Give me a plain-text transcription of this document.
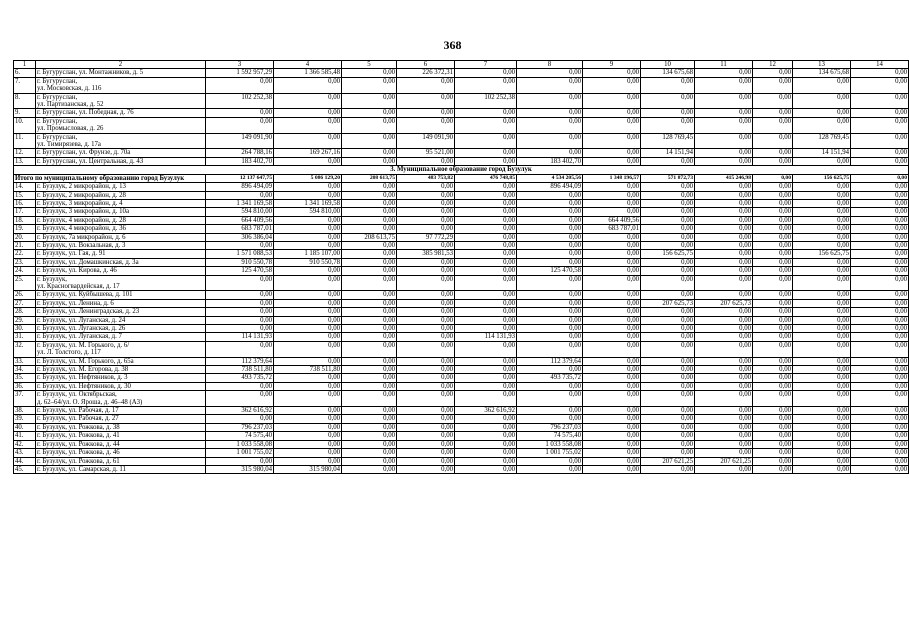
368
1	2	3	4	5	6	7	8	9	10	11	12	13	14
6.	г. Бугуруслан, ул. Монтажников, д. 5	1 592 957,29	1 366 585,48	0,00	226 372,31	0,00	0,00	0,00	134 675,68	0,00	0,00	134 675,68	0,00
7.	г. Бугуруслан,
ул. Московская, д. 116	0,00	0,00	0,00	0,00	0,00	0,00	0,00	0,00	0,00	0,00	0,00	0,00
8.	г. Бугуруслан,
ул. Партизанская, д. 52	102 252,38	0,00	0,00	0,00	102 252,38	0,00	0,00	0,00	0,00	0,00	0,00	0,00
9.	г. Бугуруслан, ул. Победная, д. 76	0,00	0,00	0,00	0,00	0,00	0,00	0,00	0,00	0,00	0,00	0,00	0,00
10.	г. Бугуруслан,
ул. Промысловая, д. 26	0,00	0,00	0,00	0,00	0,00	0,00	0,00	0,00	0,00	0,00	0,00	0,00
11.	г. Бугуруслан,
ул. Тимирязева, д. 17а	149 091,90	0,00	0,00	149 091,90	0,00	0,00	0,00	128 769,45	0,00	0,00	128 769,45	0,00
12.	г. Бугуруслан, ул. Фрунзе, д. 70а	264 788,16	169 267,16	0,00	95 521,00	0,00	0,00	0,00	14 151,94	0,00	0,00	14 151,94	0,00
13.	г. Бугуруслан, ул. Центральная, д. 43	183 402,70	0,00	0,00	0,00	0,00	183 402,70	0,00	0,00	0,00	0,00	0,00	0,00
3. Муниципальное образование город Бузулук													
Итого по муниципальному образованию город Бузулук		12 137 647,75	5 086 129,20	208 613,75	483 753,82	476 748,85	4 534 205,56	1 348 196,57	571 872,73	415 246,98	0,00	156 625,75	0,00
14.	г. Бузулук, 2 микрорайон, д. 13	896 494,09	0,00	0,00	0,00	0,00	896 494,09	0,00	0,00	0,00	0,00	0,00	0,00
15.	г. Бузулук, 2 микрорайон, д. 28	0,00	0,00	0,00	0,00	0,00	0,00	0,00	0,00	0,00	0,00	0,00	0,00
16.	г. Бузулук, 3 микрорайон, д. 4	1 341 169,58	1 341 169,58	0,00	0,00	0,00	0,00	0,00	0,00	0,00	0,00	0,00	0,00
17.	г. Бузулук, 3 микрорайон, д. 10а	594 810,00	594 810,00	0,00	0,00	0,00	0,00	0,00	0,00	0,00	0,00	0,00	0,00
18.	г. Бузулук, 4 микрорайон, д. 28	664 409,56	0,00	0,00	0,00	0,00	0,00	664 409,56	0,00	0,00	0,00	0,00	0,00
19.	г. Бузулук, 4 микрорайон, д. 36	683 787,01	0,00	0,00	0,00	0,00	0,00	683 787,01	0,00	0,00	0,00	0,00	0,00
20.	г. Бузулук, 7а микрорайон, д. 6	306 386,04	0,00	208 613,75	97 772,29	0,00	0,00	0,00	0,00	0,00	0,00	0,00	0,00
21.	г. Бузулук, ул. Вокзальная, д. 3	0,00	0,00	0,00	0,00	0,00	0,00	0,00	0,00	0,00	0,00	0,00	0,00
22.	г. Бузулук, ул. Гая, д. 91	1 571 088,53	1 185 107,00	0,00	385 981,53	0,00	0,00	0,00	156 625,75	0,00	0,00	156 625,75	0,00
23.	г. Бузулук, ул. Домашкинская, д. 3а	910 550,78	910 550,78	0,00	0,00	0,00	0,00	0,00	0,00	0,00	0,00	0,00	0,00
24.	г. Бузулук, ул. Кирова, д. 46	125 470,58	0,00	0,00	0,00	0,00	125 470,58	0,00	0,00	0,00	0,00	0,00	0,00
25.	г. Бузулук,
ул. Красногвардейская, д. 17	0,00	0,00	0,00	0,00	0,00	0,00	0,00	0,00	0,00	0,00	0,00	0,00
26.	г. Бузулук, ул. Куйбышева, д. 101	0,00	0,00	0,00	0,00	0,00	0,00	0,00	0,00	0,00	0,00	0,00	0,00
27.	г. Бузулук, ул. Ленина, д. 6	0,00	0,00	0,00	0,00	0,00	0,00	0,00	207 625,73	207 625,73	0,00	0,00	0,00
28.	г. Бузулук, ул. Ленинградская, д. 23	0,00	0,00	0,00	0,00	0,00	0,00	0,00	0,00	0,00	0,00	0,00	0,00
29.	г. Бузулук, ул. Луганская, д. 24	0,00	0,00	0,00	0,00	0,00	0,00	0,00	0,00	0,00	0,00	0,00	0,00
30.	г. Бузулук, ул. Луганская, д. 26	0,00	0,00	0,00	0,00	0,00	0,00	0,00	0,00	0,00	0,00	0,00	0,00
31.	г. Бузулук, ул. Луганская, д. 7	114 131,93	0,00	0,00	0,00	114 131,93	0,00	0,00	0,00	0,00	0,00	0,00	0,00
32.	г. Бузулук, ул. М. Горького, д. 6/
ул. Л. Толстого, д. 117	0,00	0,00	0,00	0,00	0,00	0,00	0,00	0,00	0,00	0,00	0,00	0,00
33.	г. Бузулук, ул. М. Горького, д. 65а	112 379,64	0,00	0,00	0,00	0,00	112 379,64	0,00	0,00	0,00	0,00	0,00	0,00
34.	г. Бузулук, ул. М. Егорова, д. 38	738 511,80	738 511,80	0,00	0,00	0,00	0,00	0,00	0,00	0,00	0,00	0,00	0,00
35.	г. Бузулук, ул. Нефтяников, д. 3	493 735,72	0,00	0,00	0,00	0,00	493 735,72	0,00	0,00	0,00	0,00	0,00	0,00
36.	г. Бузулук, ул. Нефтяников, д. 30	0,00	0,00	0,00	0,00	0,00	0,00	0,00	0,00	0,00	0,00	0,00	0,00
37.	г. Бузулук, ул. Октябрьская,
д. 62–64/ул. О. Яроша, д. 46–48 (А3)	0,00	0,00	0,00	0,00	0,00	0,00	0,00	0,00	0,00	0,00	0,00	0,00
38.	г. Бузулук, ул. Рабочая, д. 17	362 616,92	0,00	0,00	0,00	362 616,92	0,00	0,00	0,00	0,00	0,00	0,00	0,00
39.	г. Бузулук, ул. Рабочая, д. 27	0,00	0,00	0,00	0,00	0,00	0,00	0,00	0,00	0,00	0,00	0,00	0,00
40.	г. Бузулук, ул. Рожкова, д. 38	796 237,03	0,00	0,00	0,00	0,00	796 237,03	0,00	0,00	0,00	0,00	0,00	0,00
41.	г. Бузулук, ул. Рожкова, д. 41	74 575,40	0,00	0,00	0,00	0,00	74 575,40	0,00	0,00	0,00	0,00	0,00	0,00
42.	г. Бузулук, ул. Рожкова, д. 44	1 033 558,08	0,00	0,00	0,00	0,00	1 033 558,08	0,00	0,00	0,00	0,00	0,00	0,00
43.	г. Бузулук, ул. Рожкова, д. 46	1 001 755,02	0,00	0,00	0,00	0,00	1 001 755,02	0,00	0,00	0,00	0,00	0,00	0,00
44.	г. Бузулук, ул. Рожкова, д. 61	0,00	0,00	0,00	0,00	0,00	0,00	0,00	207 621,25	207 621,25	0,00	0,00	0,00
45.	г. Бузулук, ул. Самарская, д. 11	315 980,04	315 980,04	0,00	0,00	0,00	0,00	0,00	0,00	0,00	0,00	0,00	0,00
